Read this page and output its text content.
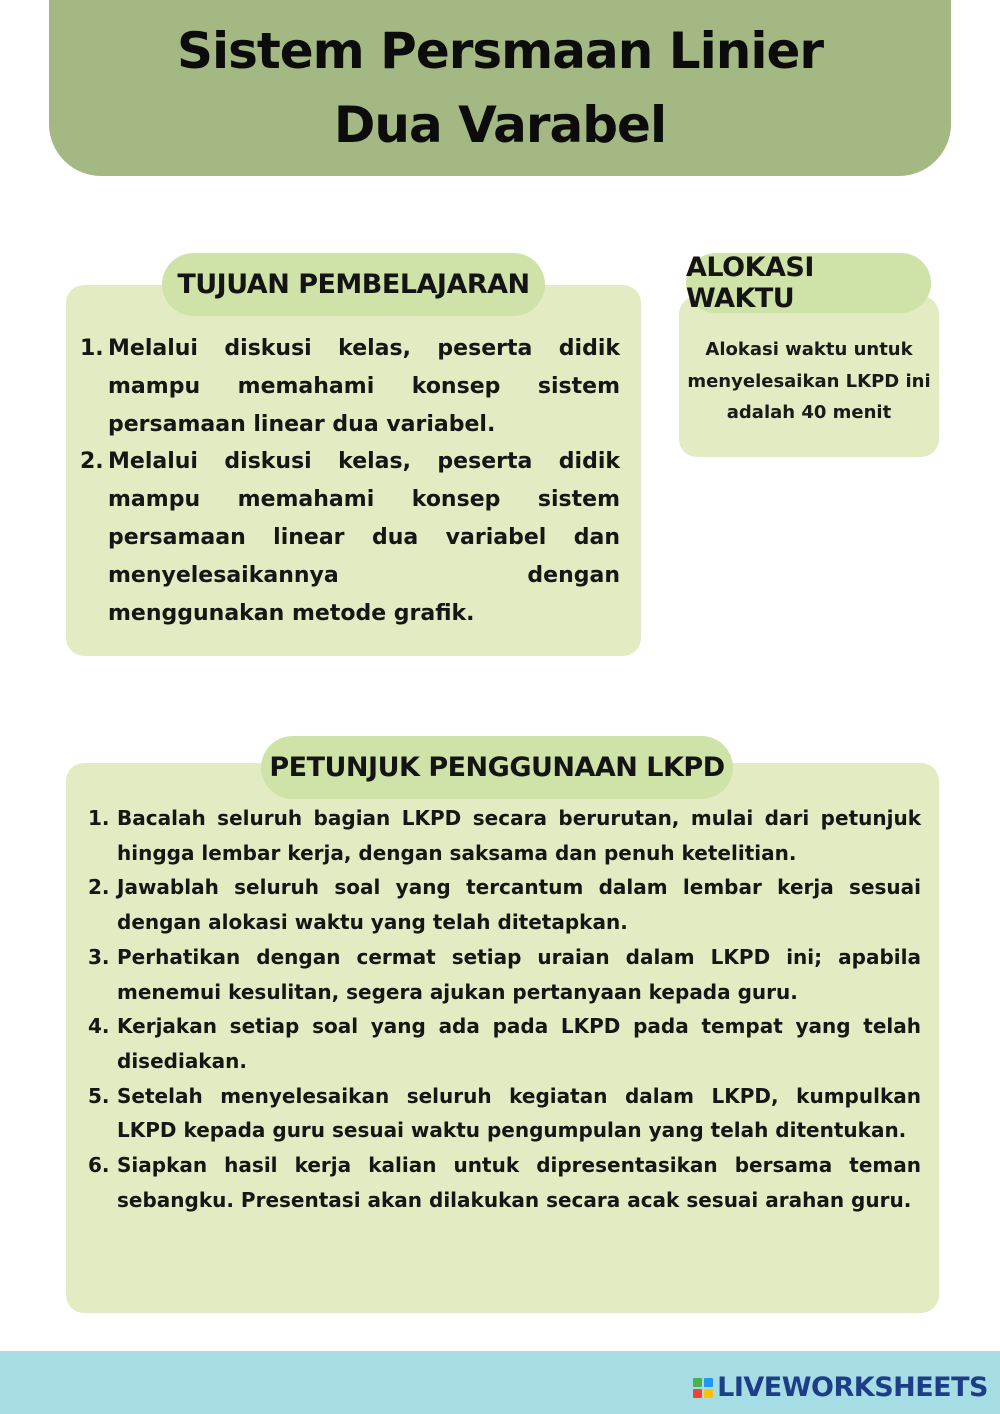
Sistem Persmaan Linier
Dua Varabel
TUJUAN PEMBELAJARAN
1. Melalui diskusi kelas, peserta didik mampu memahami konsep sistem persamaan linear dua variabel.
2. Melalui diskusi kelas, peserta didik mampu memahami konsep sistem persamaan linear dua variabel dan menyelesaikannya dengan menggunakan metode grafik.
ALOKASI WAKTU
Alokasi waktu untuk menyelesaikan LKPD ini adalah 40 menit
PETUNJUK PENGGUNAAN LKPD
1. Bacalah seluruh bagian LKPD secara berurutan, mulai dari petunjuk hingga lembar kerja, dengan saksama dan penuh ketelitian.
2. Jawablah seluruh soal yang tercantum dalam lembar kerja sesuai dengan alokasi waktu yang telah ditetapkan.
3. Perhatikan dengan cermat setiap uraian dalam LKPD ini; apabila menemui kesulitan, segera ajukan pertanyaan kepada guru.
4. Kerjakan setiap soal yang ada pada LKPD pada tempat yang telah disediakan.
5. Setelah menyelesaikan seluruh kegiatan dalam LKPD, kumpulkan LKPD kepada guru sesuai waktu pengumpulan yang telah ditentukan.
6. Siapkan hasil kerja kalian untuk dipresentasikan bersama teman sebangku. Presentasi akan dilakukan secara acak sesuai arahan guru.
LIVEWORKSHEETS
